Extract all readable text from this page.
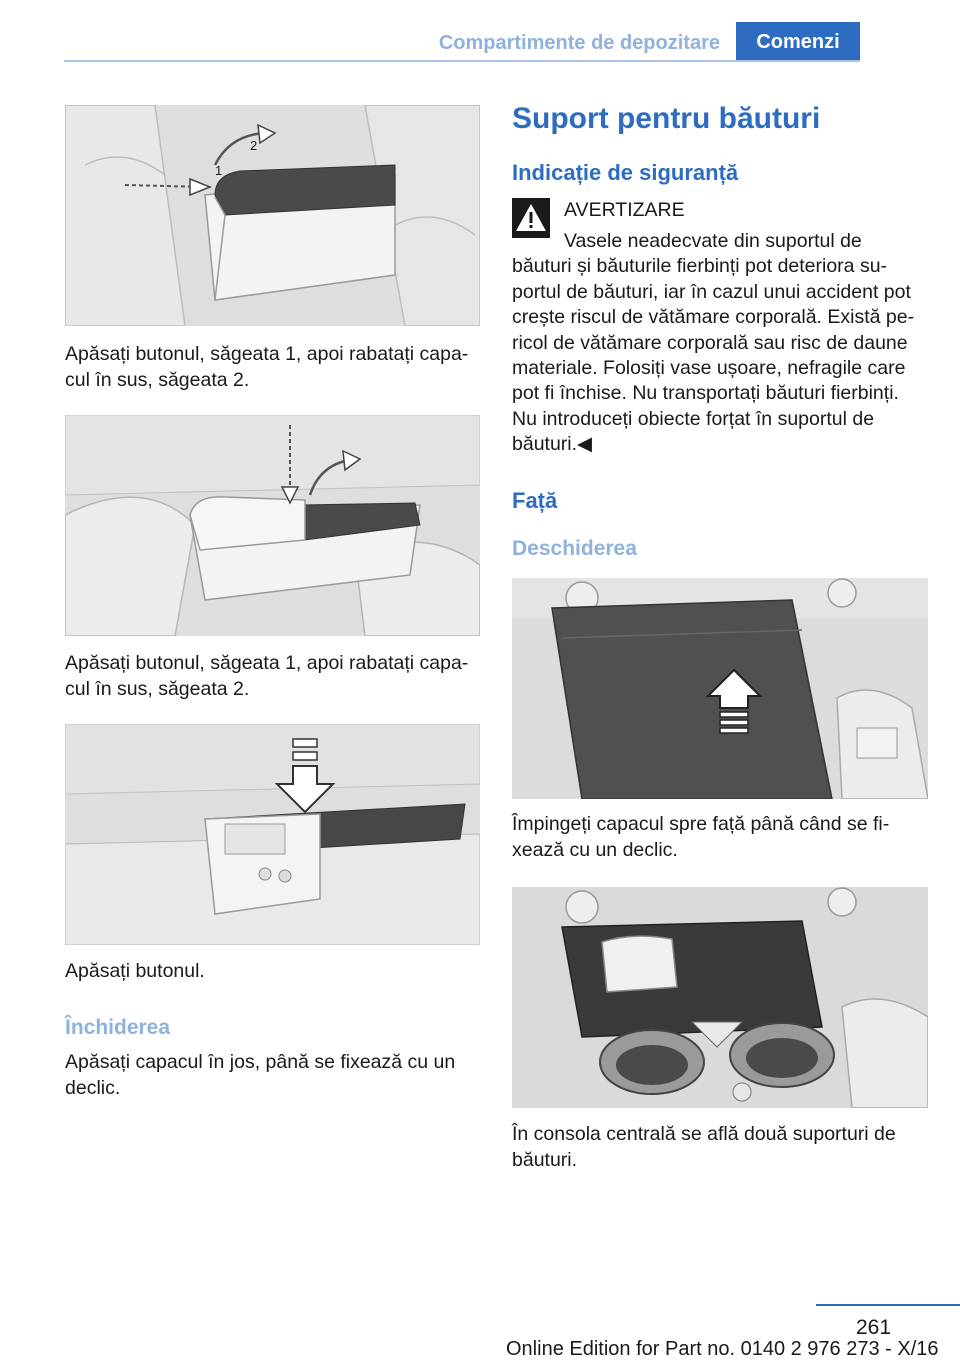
Compartimente de depozitare	Comenzi
1
2
Apăsați butonul, săgeata 1, apoi rabatați capa-
cul în sus, săgeata 2.
Apăsați butonul, săgeata 1, apoi rabatați capa-
cul în sus, săgeata 2.
Apăsați butonul.
Închiderea
Apăsați capacul în jos, până se fixează cu un
declic.
Suport pentru băuturi
Indicație de siguranță
AVERTIZARE
Vasele neadecvate din suportul de
băuturi și băuturile fierbinți pot deteriora su-
portul de băuturi, iar în cazul unui accident pot
crește riscul de vătămare corporală. Există pe-
ricol de vătămare corporală sau risc de daune
materiale. Folosiți vase ușoare, nefragile care
pot fi închise. Nu transportați băuturi fierbinți.
Nu introduceți obiecte forțat în suportul de
băuturi.◀
Față
Deschiderea
Împingeți capacul spre față până când se fi-
xează cu un declic.
În consola centrală se află două suporturi de
băuturi.
261
Online Edition for Part no. 0140 2 976 273 - X/16
